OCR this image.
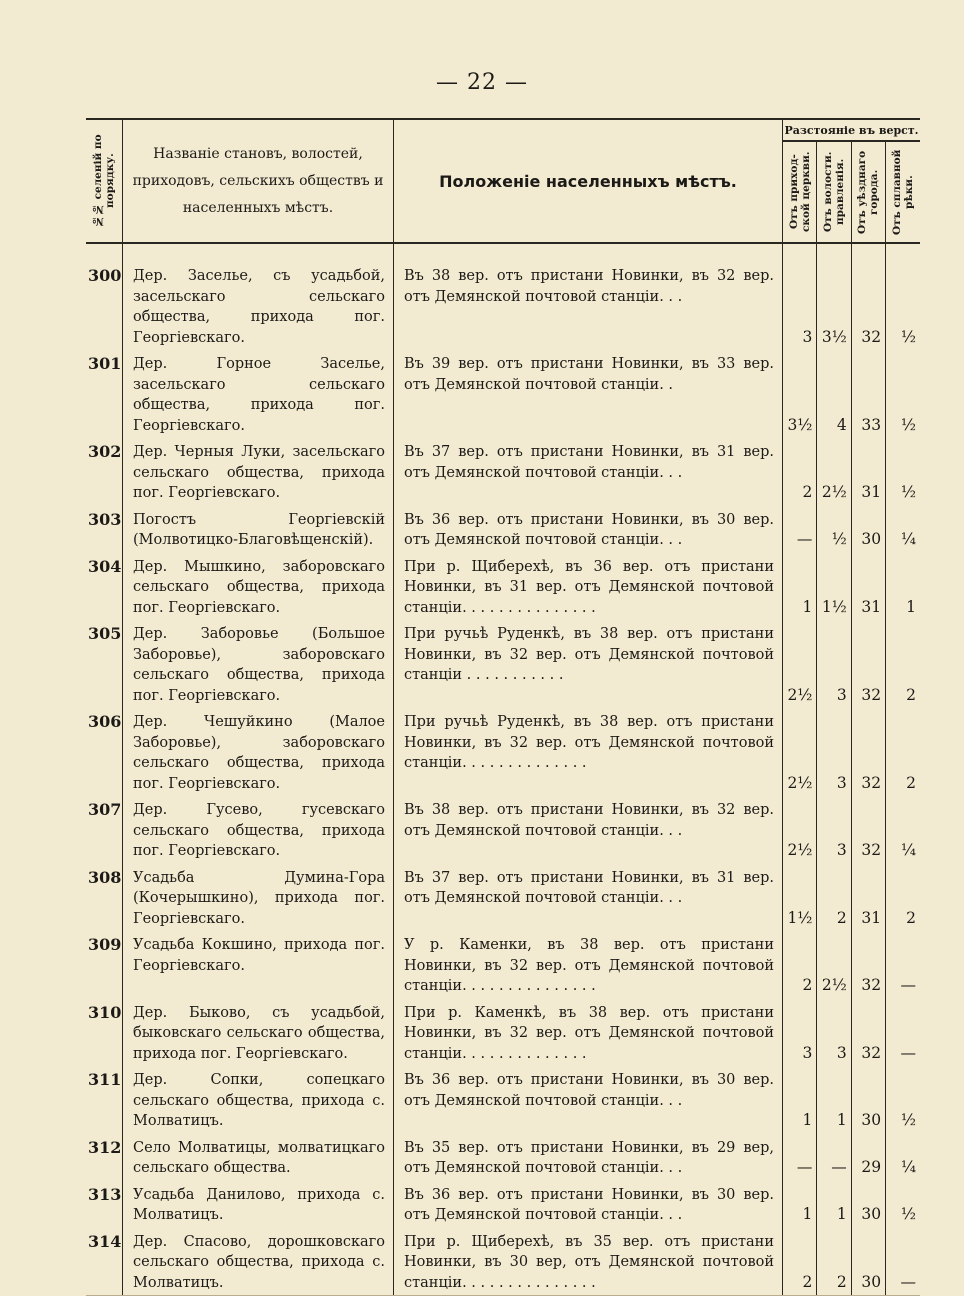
— 22 —
№№ селеній по порядку.	Названіе становъ, волостей, приходовъ, сельскихъ обществъ и населенныхъ мѣстъ.	Положеніе населенныхъ мѣстъ.	Разстояніе въ верст.			

			Отъ приход-ской церкви.	Отъ волости. правленія.	Отъ уѣзднаго города.	Отъ сплавной рѣки.

300	Дер. Заселье, съ усадьбой, засельскаго сельскаго общества, прихода пог. Георгіевскаго.	Въ 38 вер. отъ пристани Новинки, въ 32 вер. отъ Демянской почтовой станціи. . .	3	3½	32	½
301	Дер. Горное Заселье, засельскаго сельскаго общества, прихода пог. Георгіевскаго.	Въ 39 вер. отъ пристани Новинки, въ 33 вер. отъ Демянской почтовой станціи. .	3½	4	33	½
302	Дер. Черныя Луки, засельскаго сельскаго общества, прихода пог. Георгіевскаго.	Въ 37 вер. отъ пристани Новинки, въ 31 вер. отъ Демянской почтовой станціи. . .	2	2½	31	½
303	Погостъ Георгіевскій (Молвотицко-Благовѣщенскій).	Въ 36 вер. отъ пристани Новинки, въ 30 вер. отъ Демянской почтовой станціи. . .	—	½	30	¼
304	Дер. Мышкино, заборовскаго сельскаго общества, прихода пог. Георгіевскаго.	При р. Щиберехѣ, въ 36 вер. отъ пристани Новинки, въ 31 вер. отъ Демянской почтовой станціи. . . . . . . . . . . . . . .	1	1½	31	1
305	Дер. Заборовье (Большое Заборовье), заборовскаго сельскаго общества, прихода пог. Георгіевскаго.	При ручьѣ Руденкѣ, въ 38 вер. отъ пристани Новинки, въ 32 вер. отъ Демянской почтовой станціи . . . . . . . . . . .	2½	3	32	2
306	Дер. Чешуйкино (Малое Заборовье), заборовскаго сельскаго общества, прихода пог. Георгіевскаго.	При ручьѣ Руденкѣ, въ 38 вер. отъ пристани Новинки, въ 32 вер. отъ Демянской почтовой станціи. . . . . . . . . . . . . .	2½	3	32	2
307	Дер. Гусево, гусевскаго сельскаго общества, прихода пог. Георгіевскаго.	Въ 38 вер. отъ пристани Новинки, въ 32 вер. отъ Демянской почтовой станціи. . .	2½	3	32	¼
308	Усадьба Думина-Гора (Кочерышкино), прихода пог. Георгіевскаго.	Въ 37 вер. отъ пристани Новинки, въ 31 вер. отъ Демянской почтовой станціи. . .	1½	2	31	2
309	Усадьба Кокшино, прихода пог. Георгіевскаго.	У р. Каменки, въ 38 вер. отъ пристани Новинки, въ 32 вер. отъ Демянской почтовой станціи. . . . . . . . . . . . . . .	2	2½	32	—
310	Дер. Быково, съ усадьбой, быковскаго сельскаго общества, прихода пог. Георгіевскаго.	При р. Каменкѣ, въ 38 вер. отъ пристани Новинки, въ 32 вер. отъ Демянской почтовой станціи. . . . . . . . . . . . . .	3	3	32	—
311	Дер. Сопки, сопецкаго сельскаго общества, прихода с. Молватицъ.	Въ 36 вер. отъ пристани Новинки, въ 30 вер. отъ Демянской почтовой станціи. . .	1	1	30	½
312	Село Молватицы, молватицкаго сельскаго общества.	Въ 35 вер. отъ пристани Новинки, въ 29 вер, отъ Демянской почтовой станціи. . .	—	—	29	¼
313	Усадьба Данилово, прихода с. Молватицъ.	Въ 36 вер. отъ пристани Новинки, въ 30 вер. отъ Демянской почтовой станціи. . .	1	1	30	½
314	Дер. Спасово, дорошковскаго сельскаго общества, прихода с. Молватицъ.	При р. Щиберехѣ, въ 35 вер. отъ пристани Новинки, въ 30 вер, отъ Демянской почтовой станціи. . . . . . . . . . . . . . .	2	2	30	—
